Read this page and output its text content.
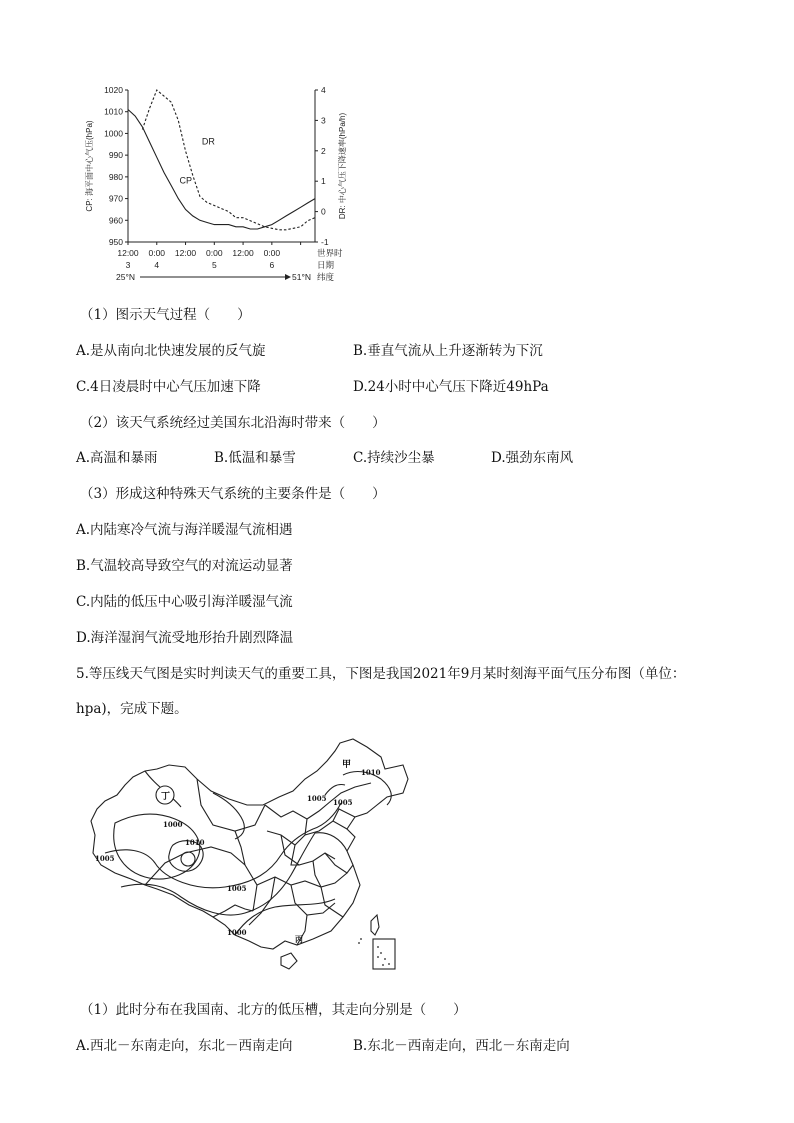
1020
1010
1000
990
980
970
960
950
4
3
2
1
0
-1
12:00 0:00 12:00 0:00 12:00 0:00
3	4	5	6
世界时
日期
纬度
25°N	51°N
CP: 海平面中心气压(hPa)	DR: 中心气压下降速率(hPa/h)
CP
DR
（1）图示天气过程（　　）
A.是从南向北快速发展的反气旋	B.垂直气流从上升逐渐转为下沉
C.4日凌晨时中心气压加速下降	D.24小时中心气压下降近49hPa
（2）该天气系统经过美国东北沿海时带来（　　）
A.高温和暴雨	B.低温和暴雪	C.持续沙尘暴	D.强劲东南风
（3）形成这种特殊天气系统的主要条件是（　　）
A.内陆寒冷气流与海洋暖湿气流相遇
B.气温较高导致空气的对流运动显著
C.内陆的低压中心吸引海洋暖湿气流
D.海洋湿润气流受地形抬升剧烈降温
5.等压线天气图是实时判读天气的重要工具，下图是我国2021年9月某时刻海平面气压分布图（单位：
hpa)，完成下题。
甲
丁
丙
1010
1005 1005
1000
1010
1005
1005
1000
（1）此时分布在我国南、北方的低压槽，其走向分别是（　　）
A.西北－东南走向，东北－西南走向	B.东北－西南走向，西北－东南走向
